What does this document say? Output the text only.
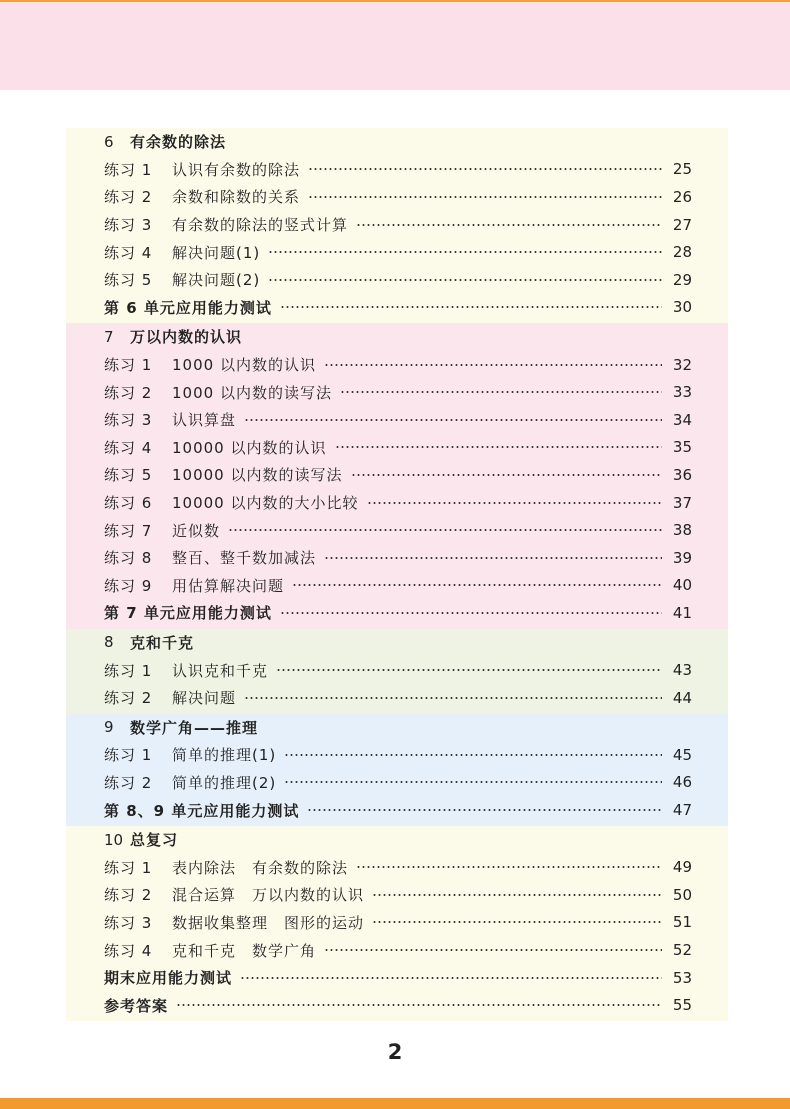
6	有余数的除法
练习 1 认识有余数的除法	25
练习 2 余数和除数的关系	26
练习 3 有余数的除法的竖式计算	27
练习 4 解决问题(1)	28
练习 5 解决问题(2)	29
第 6 单元应用能力测试	30
7	万以内数的认识
练习 1 1000 以内数的认识	32
练习 2 1000 以内数的读写法	33
练习 3 认识算盘	34
练习 4 10000 以内数的认识	35
练习 5 10000 以内数的读写法	36
练习 6 10000 以内数的大小比较	37
练习 7 近似数	38
练习 8 整百、整千数加减法	39
练习 9 用估算解决问题	40
第 7 单元应用能力测试	41
8	克和千克
练习 1 认识克和千克	43
练习 2 解决问题	44
9	数学广角——推理
练习 1 简单的推理(1)	45
练习 2 简单的推理(2)	46
第 8、9 单元应用能力测试	47
10 总复习
练习 1 表内除法　有余数的除法	49
练习 2 混合运算　万以内数的认识	50
练习 3 数据收集整理　图形的运动	51
练习 4 克和千克　数学广角	52
期末应用能力测试	53
参考答案	55
2
